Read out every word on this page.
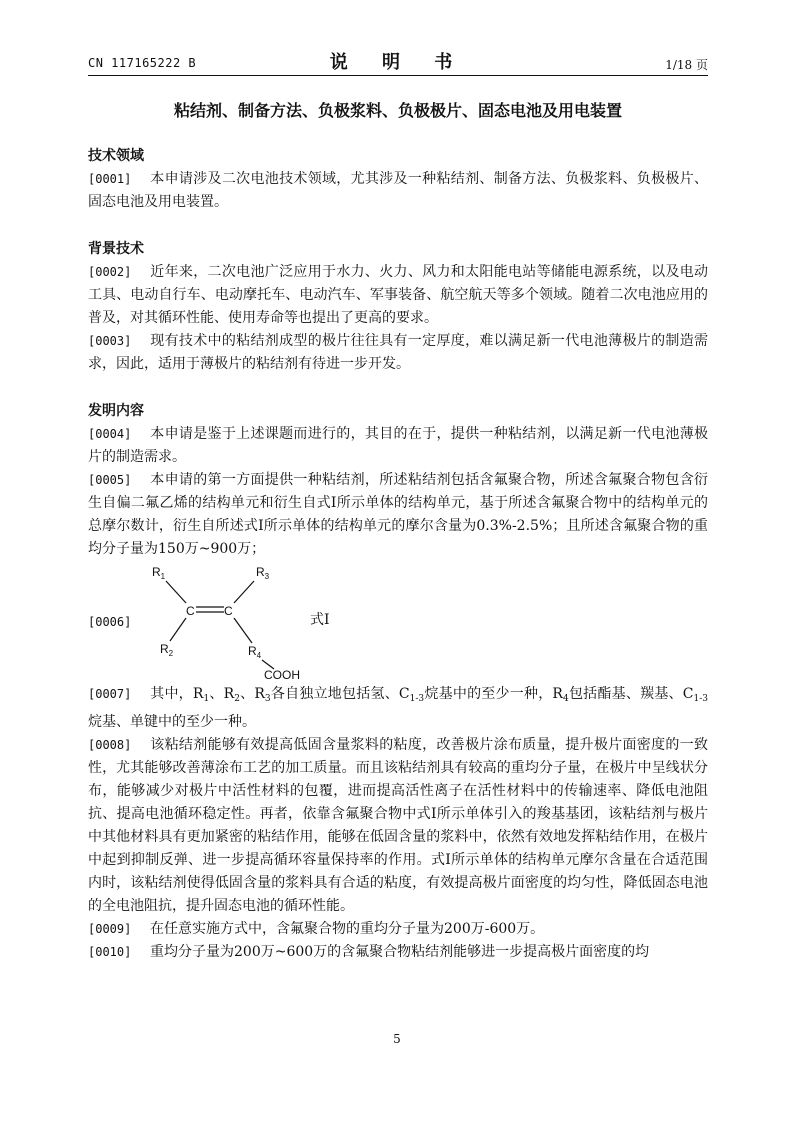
CN 117165222 B	说 明 书	1/18 页
粘结剂、制备方法、负极浆料、负极极片、固态电池及用电装置
技术领域
[0001] 本申请涉及二次电池技术领域，尤其涉及一种粘结剂、制备方法、负极浆料、负极极片、固态电池及用电装置。
背景技术
[0002] 近年来，二次电池广泛应用于水力、火力、风力和太阳能电站等储能电源系统，以及电动工具、电动自行车、电动摩托车、电动汽车、军事装备、航空航天等多个领域。随着二次电池应用的普及，对其循环性能、使用寿命等也提出了更高的要求。
[0003] 现有技术中的粘结剂成型的极片往往具有一定厚度，难以满足新一代电池薄极片的制造需求，因此，适用于薄极片的粘结剂有待进一步开发。
发明内容
[0004] 本申请是鉴于上述课题而进行的，其目的在于，提供一种粘结剂，以满足新一代电池薄极片的制造需求。
[0005] 本申请的第一方面提供一种粘结剂，所述粘结剂包括含氟聚合物，所述含氟聚合物包含衍生自偏二氟乙烯的结构单元和衍生自式I所示单体的结构单元，基于所述含氟聚合物中的结构单元的总摩尔数计，衍生自所述式I所示单体的结构单元的摩尔含量为0.3%-2.5%；且所述含氟聚合物的重均分子量为150万~900万；
[0006]
$R_1$	$R_3$
C C
$R_2$	$R_4$
COOH
式I
[0007] 其中，$R_1$、$R_2$、$R_3$各自独立地包括氢、$C_{1-3}$烷基中的至少一种，$R_4$包括酯基、羰基、$C_{1-3}$烷基、单键中的至少一种。
[0008] 该粘结剂能够有效提高低固含量浆料的粘度，改善极片涂布质量，提升极片面密度的一致性，尤其能够改善薄涂布工艺的加工质量。而且该粘结剂具有较高的重均分子量，在极片中呈线状分布，能够减少对极片中活性材料的包覆，进而提高活性离子在活性材料中的传输速率、降低电池阻抗、提高电池循环稳定性。再者，依靠含氟聚合物中式I所示单体引入的羧基基团，该粘结剂与极片中其他材料具有更加紧密的粘结作用，能够在低固含量的浆料中，依然有效地发挥粘结作用，在极片中起到抑制反弹、进一步提高循环容量保持率的作用。式I所示单体的结构单元摩尔含量在合适范围内时，该粘结剂使得低固含量的浆料具有合适的粘度，有效提高极片面密度的均匀性，降低固态电池的全电池阻抗，提升固态电池的循环性能。
[0009] 在任意实施方式中，含氟聚合物的重均分子量为200万-600万。
[0010] 重均分子量为200万~600万的含氟聚合物粘结剂能够进一步提高极片面密度的均
5
